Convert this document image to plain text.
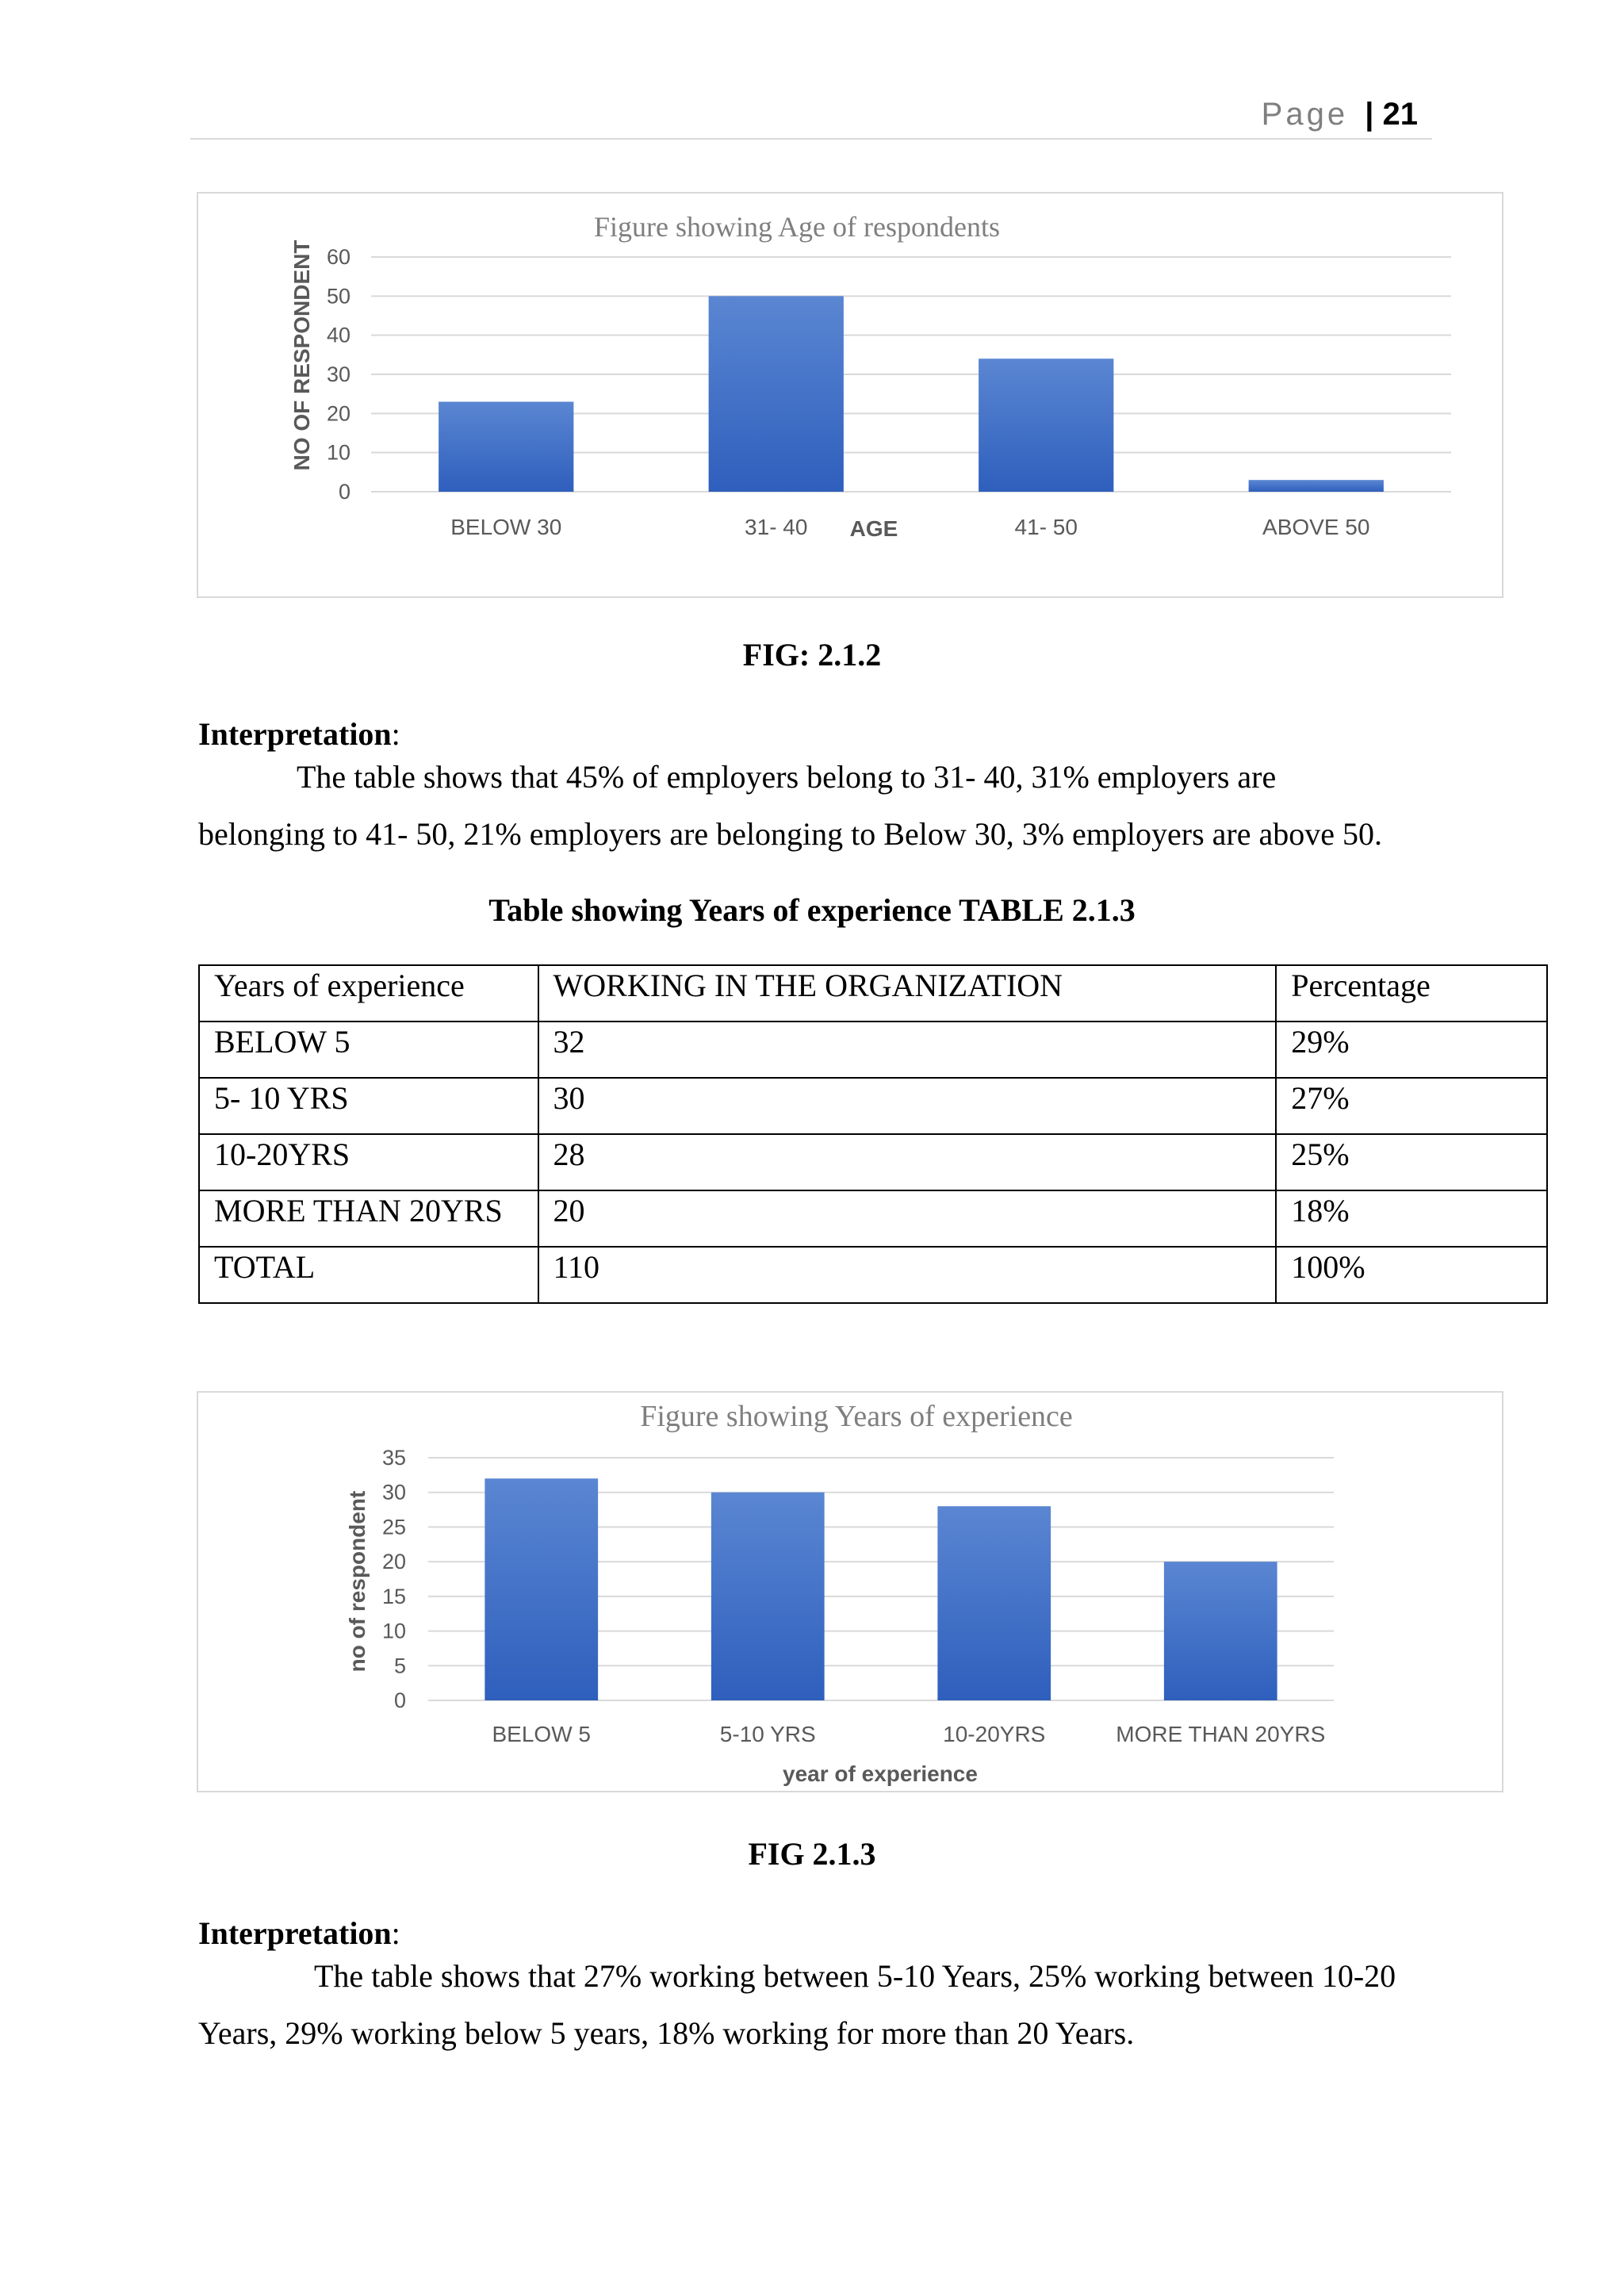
Page | 21
Figure showing Age of respondents
0
10
20
30
40
50
60
BELOW 30	31- 40	41- 50	ABOVE 50
AGE
NO OF RESPONDENT
FIG: 2.1.2
Interpretation:
The table shows that 45% of employers belong to 31- 40, 31% employers are
belonging to 41- 50, 21% employers are belonging to Below 30, 3% employers are above 50.
Table showing Years of experience TABLE 2.1.3
Years of experience	WORKING IN THE ORGANIZATION	Percentage
BELOW 5	32	29%
5- 10 YRS	30	27%
10-20YRS	28	25%
MORE THAN 20YRS	20	18%
TOTAL	110	100%
Figure showing Years of experience
0
5
10
15
20
25
30
35
BELOW 5	5-10 YRS	10-20YRS	MORE THAN 20YRS
year of experience
no of respondent
FIG 2.1.3
Interpretation:
The table shows that 27% working between 5-10 Years, 25% working between 10-20
Years, 29% working below 5 years, 18% working for more than 20 Years.
